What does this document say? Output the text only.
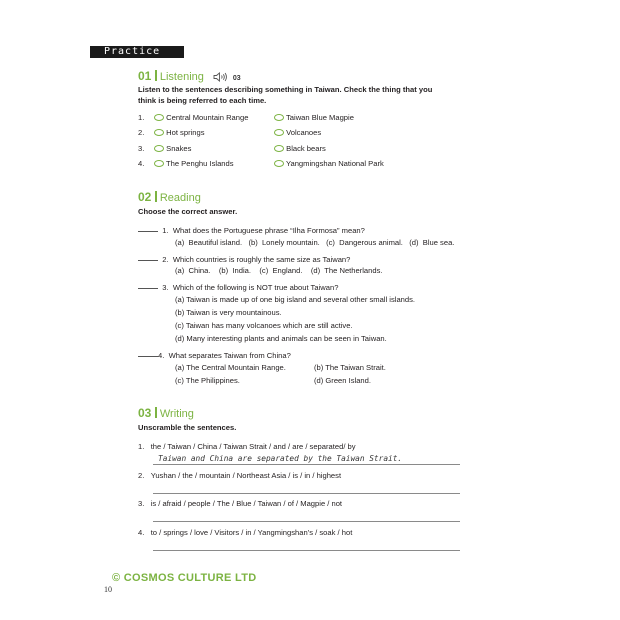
Practice
01 Listening	03
Listen to the sentences describing something in Taiwan. Check the thing that you
think is being referred to each time.
1.	Central Mountain Range	Taiwan Blue Magpie
2.	Hot springs	Volcanoes
3.	Snakes	Black bears
4.	The Penghu Islands	Yangmingshan National Park
02 Reading
Choose the correct answer.
1. What does the Portuguese phrase “Ilha Formosa” mean?
(a)  Beautiful island.   (b)  Lonely mountain.   (c)  Dangerous animal.   (d)  Blue sea.
2. Which countries is roughly the same size as Taiwan?
(a)  China.    (b)  India.    (c)  England.    (d)  The Netherlands.
3. Which of the following is NOT true about Taiwan?
(a) Taiwan is made up of one big island and several other small islands.
(b) Taiwan is very mountainous.
(c) Taiwan has many volcanoes which are still active.
(d) Many interesting plants and animals can be seen in Taiwan.
4. What separates Taiwan from China?
(a) The Central Mountain Range.	(b) The Taiwan Strait.
(c) The Philippines.	(d) Green Island.
03 Writing
Unscramble the sentences.
1. the / Taiwan / China / Taiwan Strait / and / are / separated/ by
Taiwan and China are separated by the Taiwan Strait.
2. Yushan / the / mountain / Northeast Asia / is / in / highest
3. is / afraid / people / The / Blue / Taiwan / of / Magpie / not
4. to / springs / love / Visitors / in / Yangmingshan’s / soak / hot
© COSMOS CULTURE LTD
10
